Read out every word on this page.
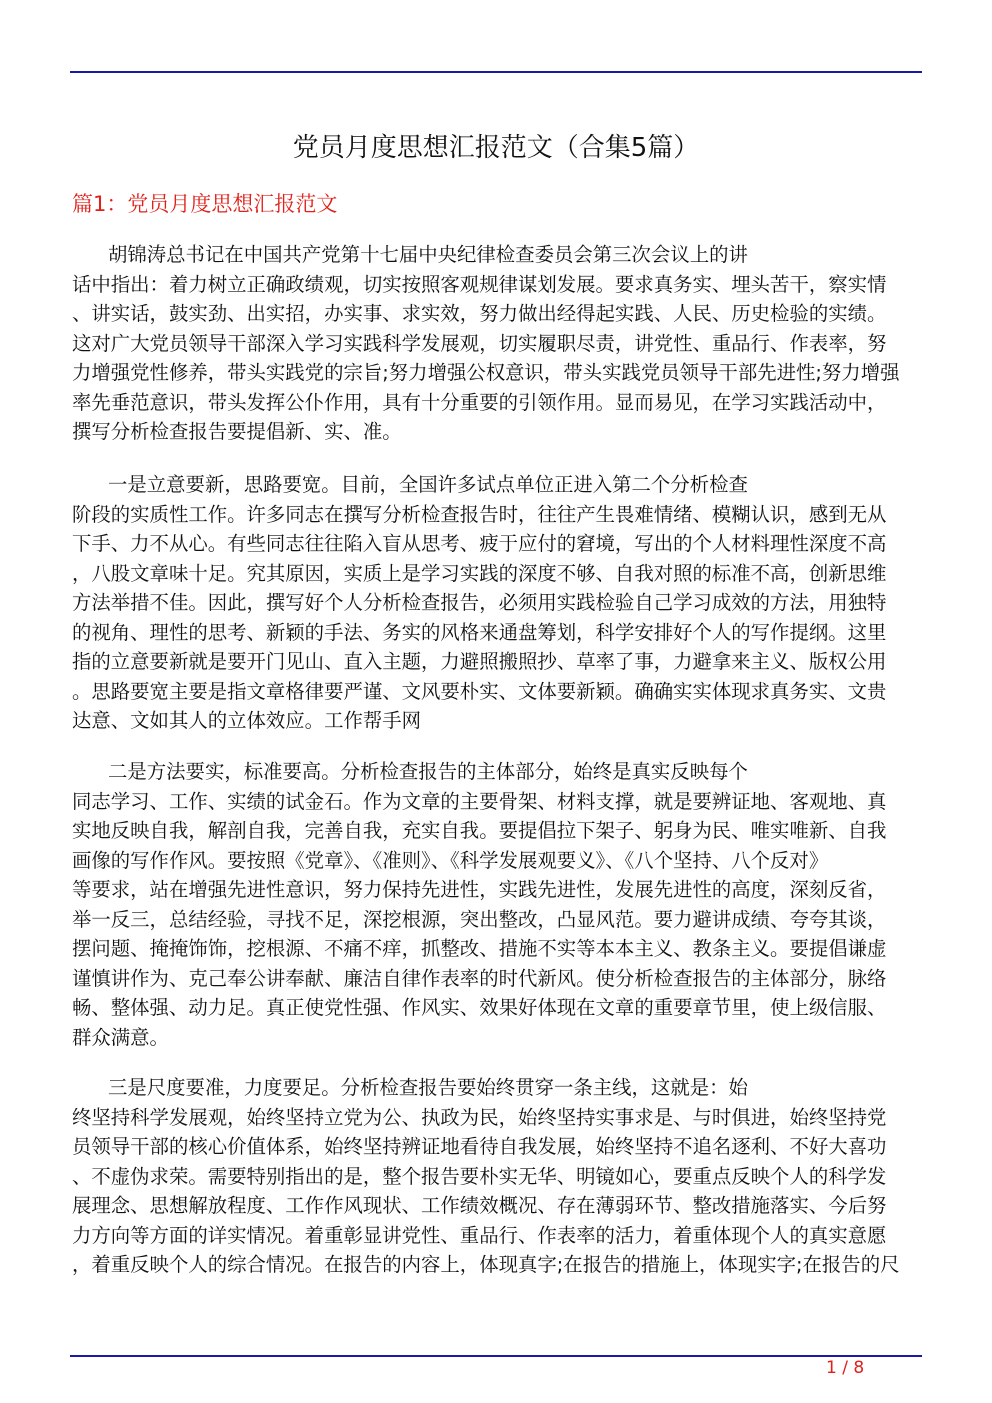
党员月度思想汇报范文（合集5篇）
篇1：党员月度思想汇报范文
胡锦涛总书记在中国共产党第十七届中央纪律检查委员会第三次会议上的讲
话中指出：着力树立正确政绩观，切实按照客观规律谋划发展。要求真务实、埋头苦干，察实情
、讲实话，鼓实劲、出实招，办实事、求实效，努力做出经得起实践、人民、历史检验的实绩。
这对广大党员领导干部深入学习实践科学发展观，切实履职尽责，讲党性、重品行、作表率，努
力增强党性修养，带头实践党的宗旨;努力增强公权意识，带头实践党员领导干部先进性;努力增强
率先垂范意识，带头发挥公仆作用，具有十分重要的引领作用。显而易见，在学习实践活动中，
撰写分析检查报告要提倡新、实、准。
一是立意要新，思路要宽。目前，全国许多试点单位正进入第二个分析检查
阶段的实质性工作。许多同志在撰写分析检查报告时，往往产生畏难情绪、模糊认识，感到无从
下手、力不从心。有些同志往往陷入盲从思考、疲于应付的窘境，写出的个人材料理性深度不高
，八股文章味十足。究其原因，实质上是学习实践的深度不够、自我对照的标准不高，创新思维
方法举措不佳。因此，撰写好个人分析检查报告，必须用实践检验自己学习成效的方法，用独特
的视角、理性的思考、新颖的手法、务实的风格来通盘筹划，科学安排好个人的写作提纲。这里
指的立意要新就是要开门见山、直入主题，力避照搬照抄、草率了事，力避拿来主义、版权公用
。思路要宽主要是指文章格律要严谨、文风要朴实、文体要新颖。确确实实体现求真务实、文贵
达意、文如其人的立体效应。工作帮手网
二是方法要实，标准要高。分析检查报告的主体部分，始终是真实反映每个
同志学习、工作、实绩的试金石。作为文章的主要骨架、材料支撑，就是要辨证地、客观地、真
实地反映自我，解剖自我，完善自我，充实自我。要提倡拉下架子、躬身为民、唯实唯新、自我
画像的写作作风。要按照《党章》、《准则》、《科学发展观要义》、《八个坚持、八个反对》
等要求，站在增强先进性意识，努力保持先进性，实践先进性，发展先进性的高度，深刻反省，
举一反三，总结经验，寻找不足，深挖根源，突出整改，凸显风范。要力避讲成绩、夸夸其谈，
摆问题、掩掩饰饰，挖根源、不痛不痒，抓整改、措施不实等本本主义、教条主义。要提倡谦虚
谨慎讲作为、克己奉公讲奉献、廉洁自律作表率的时代新风。使分析检查报告的主体部分，脉络
畅、整体强、动力足。真正使党性强、作风实、效果好体现在文章的重要章节里，使上级信服、
群众满意。
三是尺度要准，力度要足。分析检查报告要始终贯穿一条主线，这就是：始
终坚持科学发展观，始终坚持立党为公、执政为民，始终坚持实事求是、与时俱进，始终坚持党
员领导干部的核心价值体系，始终坚持辨证地看待自我发展，始终坚持不追名逐利、不好大喜功
、不虚伪求荣。需要特别指出的是，整个报告要朴实无华、明镜如心，要重点反映个人的科学发
展理念、思想解放程度、工作作风现状、工作绩效概况、存在薄弱环节、整改措施落实、今后努
力方向等方面的详实情况。着重彰显讲党性、重品行、作表率的活力，着重体现个人的真实意愿
，着重反映个人的综合情况。在报告的内容上，体现真字;在报告的措施上，体现实字;在报告的尺
1 / 8
